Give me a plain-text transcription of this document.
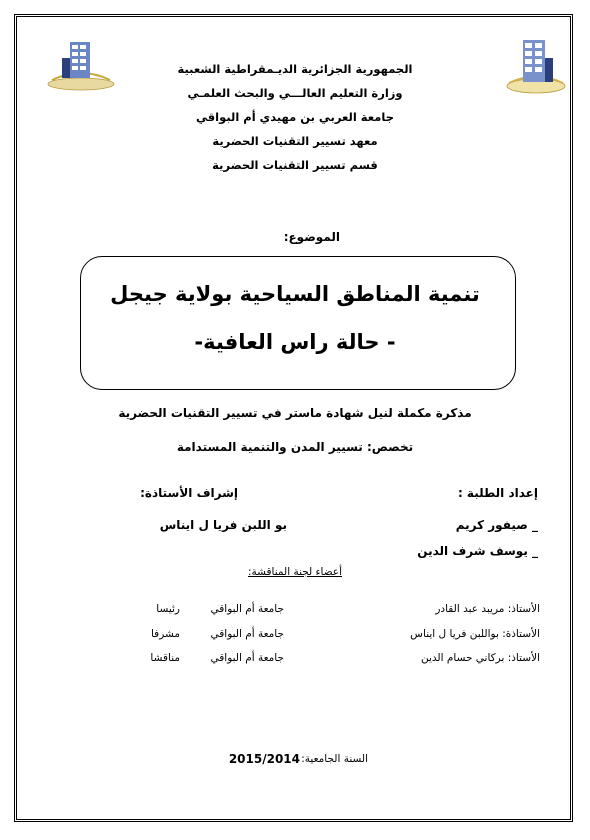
الجمهورية الجزائرية الديـمقراطية الشعبية
وزارة التعليم العالـــي والبحث العلمـي
جامعة العربي بن مهيدي أم البواقي
معهد تسيير التقنيات الحضرية
قسم تسيير التقنيات الحضرية
الموضوع:
تنمية المناطق السياحية بولاية جيجل
- حالة راس العافية-
مذكرة مكملة لنيل شهادة ماستر في تسيير التقنيات الحضرية
تخصص: تسيير المدن والتنمية المستدامة
إعداد الطلبة :
_ صيفور كريم
_ يوسف شرف الدين
إشراف الأستاذة:
بو اللبن فريا ل ايناس
أعضاء لجنة المناقشة:
الأستاذ: مريبد عبد القادر
جامعة أم البواقي
رئيسا
الأستاذة: بواللبن فريا ل ايناس
جامعة أم البواقي
مشرفا
الأستاذ: بركاني حسام الدين
جامعة أم البواقي
مناقشا
السنة الجامعية:
2015/2014
